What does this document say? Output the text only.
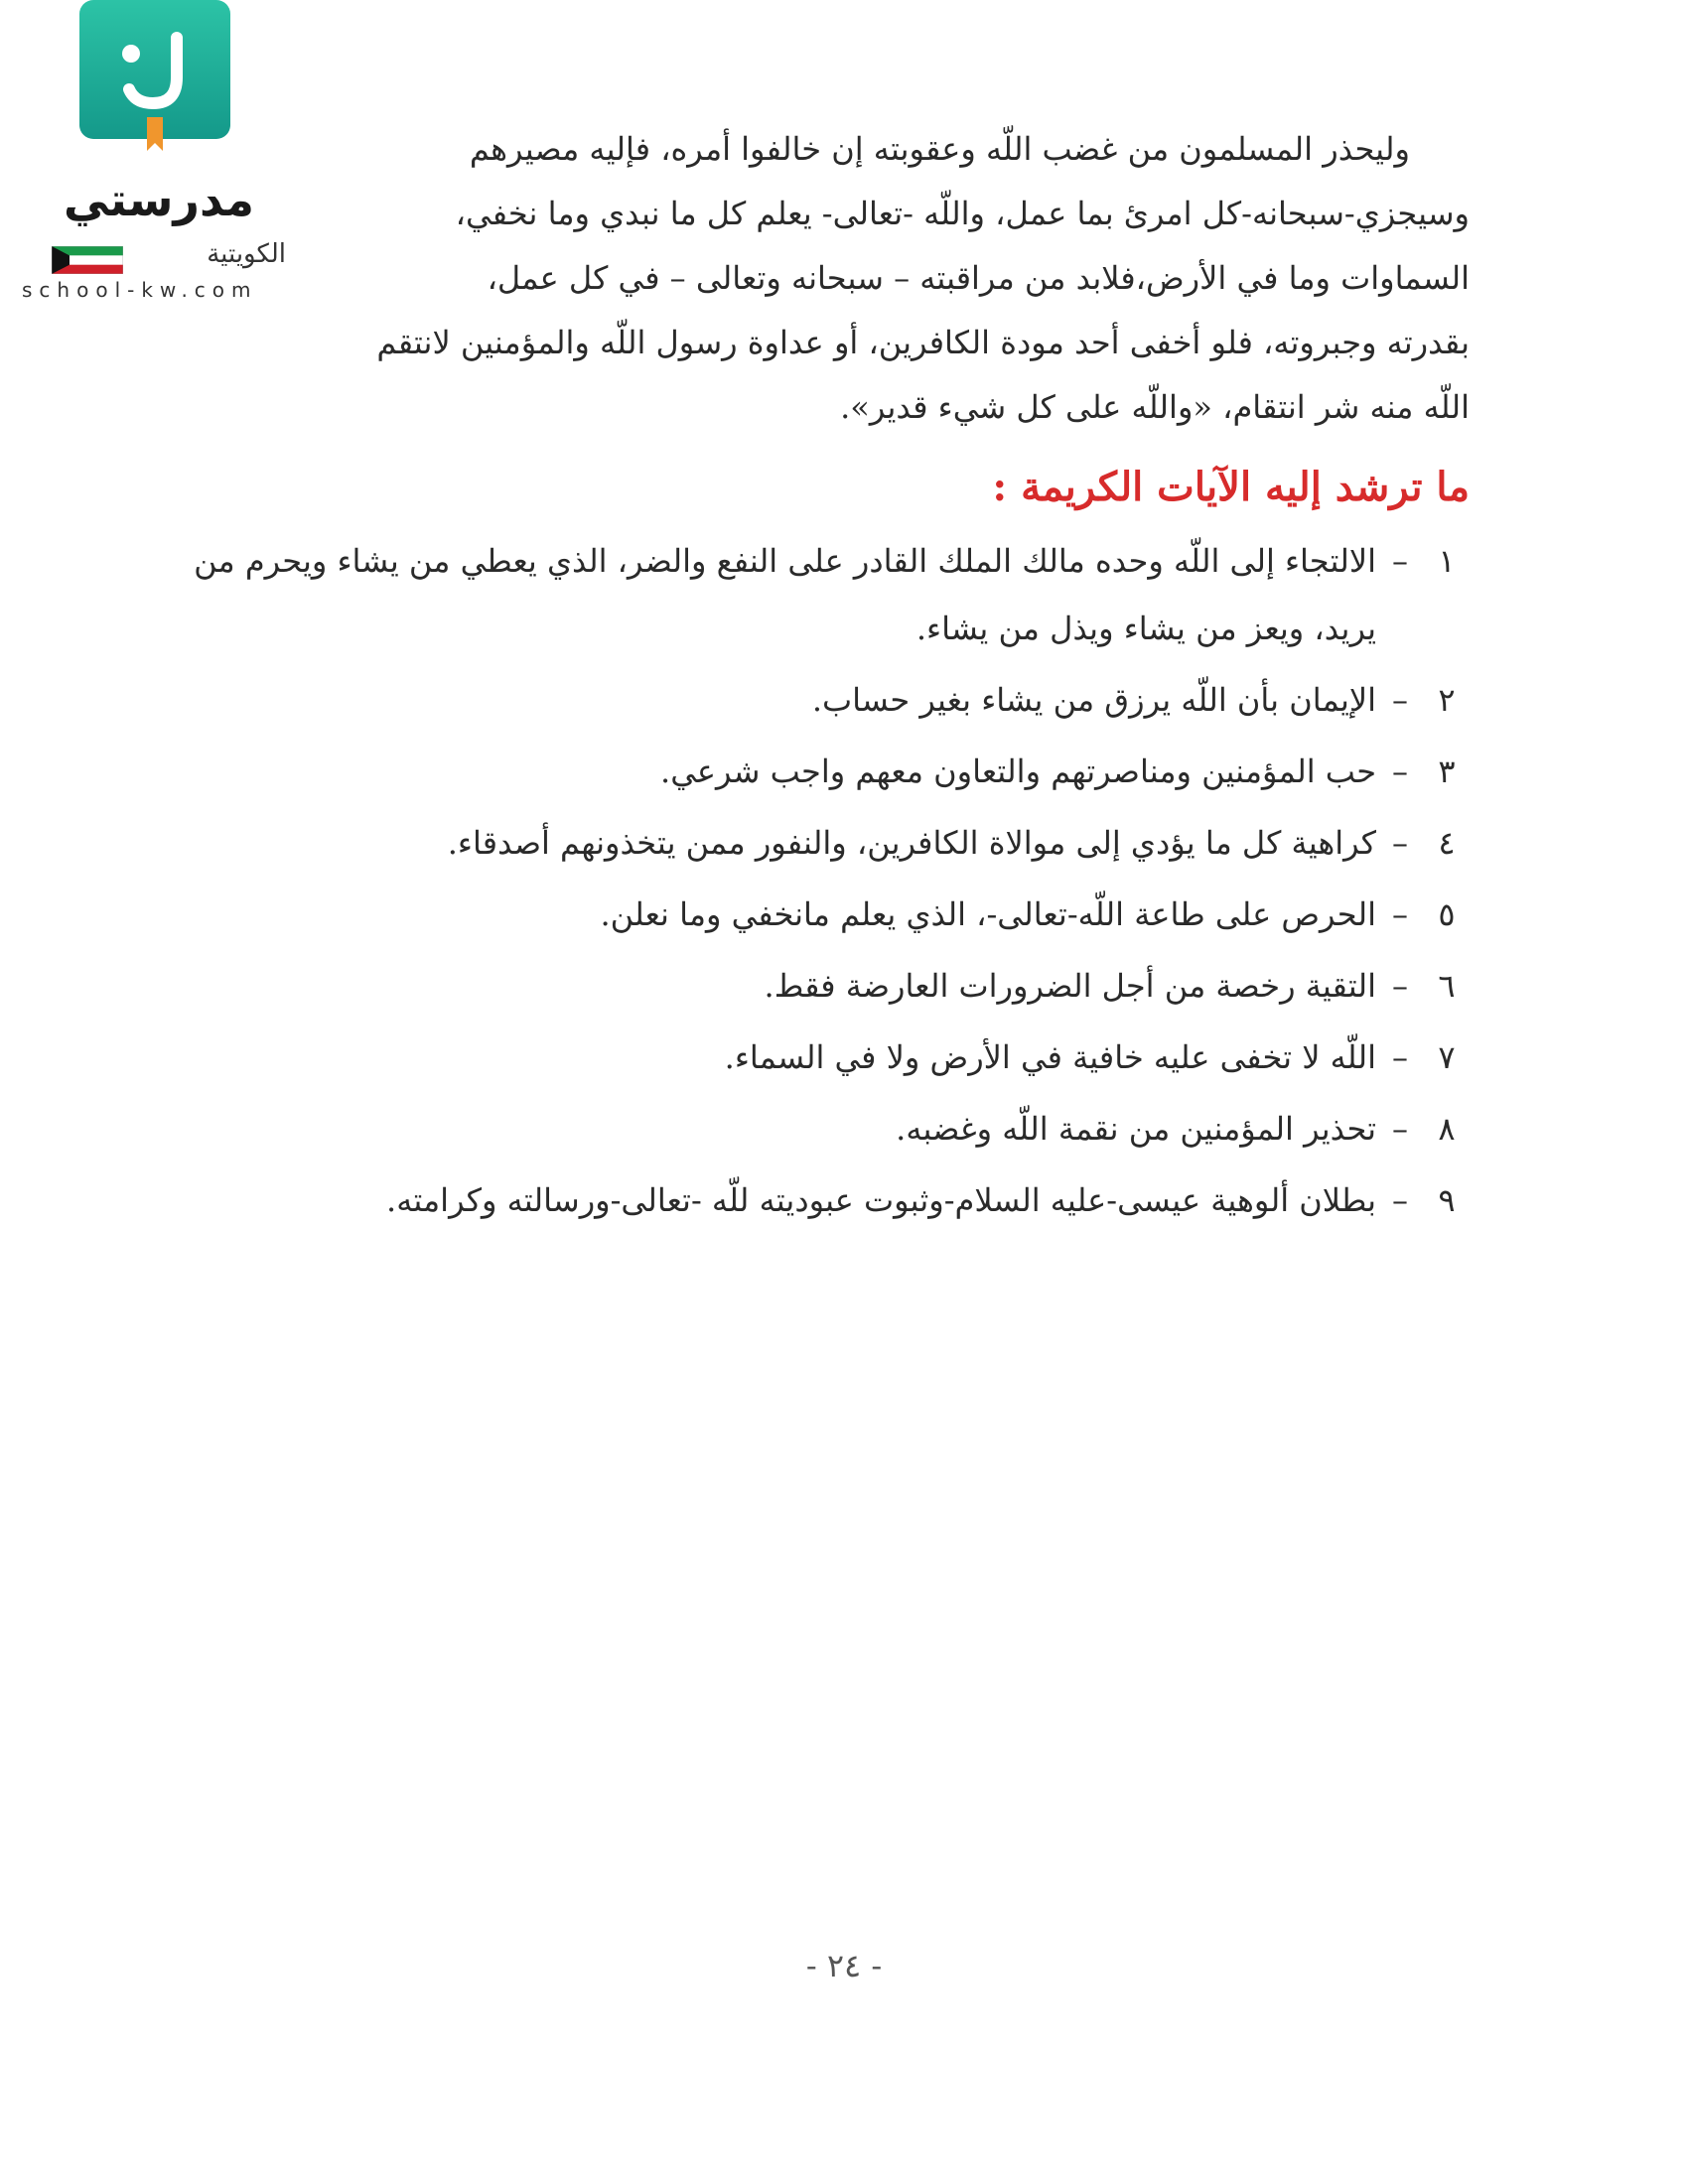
مدرستي
الكويتية
school-kw.com

وليحذر المسلمون من غضب اللّه وعقوبته إن خالفوا أمره، فإليه مصيرهم
وسيجزي-سبحانه-كل امرئ بما عمل، واللّه -تعالى- يعلم كل ما نبدي وما نخفي،
السماوات وما في الأرض،فلابد من مراقبته – سبحانه وتعالى – في كل عمل،
بقدرته وجبروته، فلو أخفى أحد مودة الكافرين، أو عداوة رسول اللّه والمؤمنين لانتقم
اللّه منه شر انتقام، «واللّه على كل شيء قدير».

ما ترشد إليه الآيات الكريمة :
١
–
الالتجاء إلى اللّه وحده مالك الملك القادر على النفع والضر، الذي يعطي من يشاء ويحرم من يريد، ويعز من يشاء ويذل من يشاء.
٢
–
الإيمان بأن اللّه يرزق من يشاء بغير حساب.
٣
–
حب المؤمنين ومناصرتهم والتعاون معهم واجب شرعي.
٤
–
كراهية كل ما يؤدي إلى موالاة الكافرين، والنفور ممن يتخذونهم أصدقاء.
٥
–
الحرص على طاعة اللّه-تعالى-، الذي يعلم مانخفي وما نعلن.
٦
–
التقية رخصة من أجل الضرورات العارضة فقط.
٧
–
اللّه لا تخفى عليه خافية في الأرض ولا في السماء.
٨
–
تحذير المؤمنين من نقمة اللّه وغضبه.
٩
–
بطلان ألوهية عيسى-عليه السلام-وثبوت عبوديته للّه -تعالى-ورسالته وكرامته.
- ٢٤ -
